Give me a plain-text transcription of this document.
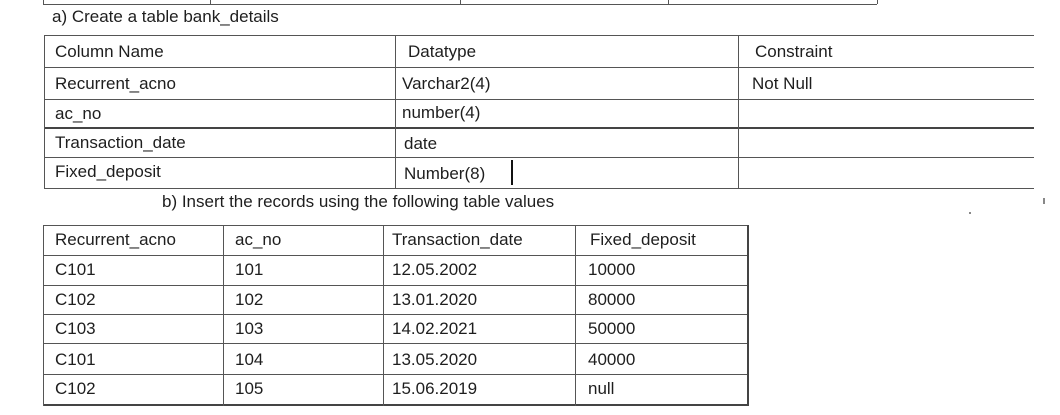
a) Create a table bank_details
Column Name	Datatype	Constraint
Recurrent_acno	Varchar2(4)	Not Null
ac_no	number(4)
Transaction_date	date
Fixed_deposit	Number(8)
b) Insert the records using the following table values
Recurrent_acno	ac_no	Transaction_date	Fixed_deposit
C101	101	12.05.2002	10000
C102	102	13.01.2020	80000
C103	103	14.02.2021	50000
C101	104	13.05.2020	40000
C102	105	15.06.2019	null
